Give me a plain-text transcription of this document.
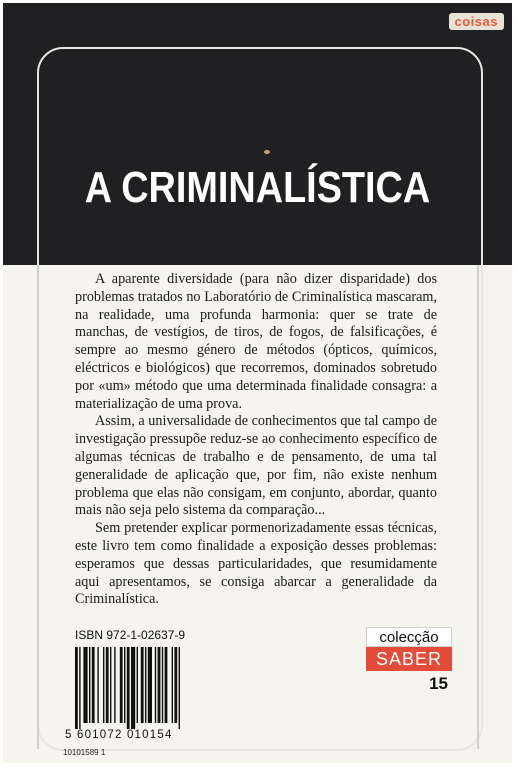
coisas
A CRIMINALÍSTICA

A aparente diversidade (para não dizer disparidade) dos problemas tratados no Laboratório de Criminalística mascaram, na realidade, uma profunda harmonia: quer se trate de manchas, de vestígios, de tiros, de fogos, de falsificações, é sempre ao mesmo género de métodos (ópticos, químicos, eléctricos e biológicos) que recorremos, dominados sobretudo por «um» método que uma determinada finalidade consagra: a materialização de uma prova.

Assim, a universalidade de conhecimentos que tal campo de investigação pressupõe reduz-se ao conhecimento específico de algumas técnicas de trabalho e de pensamento, de uma tal generalidade de aplicação que, por fim, não existe nenhum problema que elas não consigam, em conjunto, abordar, quanto mais não seja pelo sistema da comparação...

Sem pretender explicar pormenorizadamente essas técnicas, este livro tem como finalidade a exposição desses problemas: esperamos que dessas particularidades, que resumidamente aqui apresentamos, se consiga abarcar a generalidade da Criminalística.

ISBN 972-1-02637-9
5 601072 010154
10101589 1
colecção
SABER
15
